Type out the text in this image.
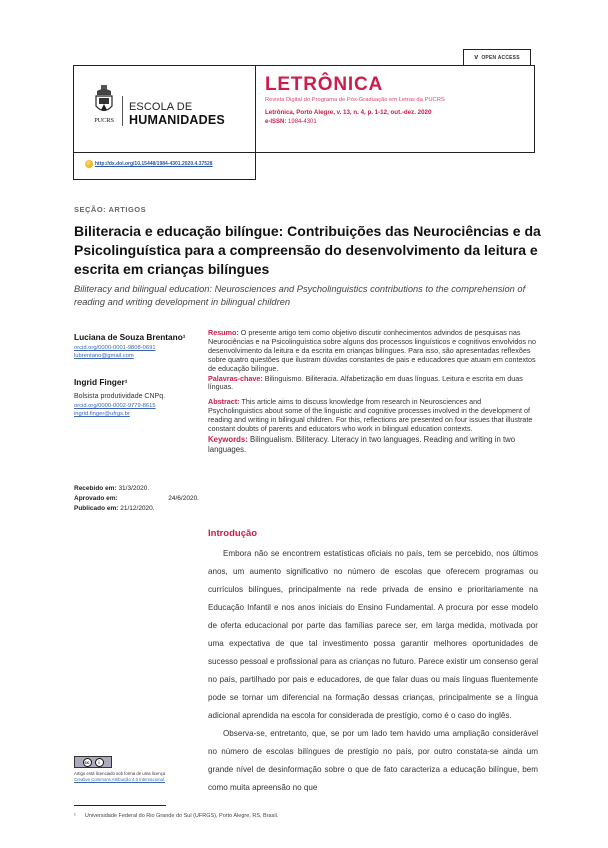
ᴠ OPEN ACCESS
PUCRS
ESCOLA DE
HUMANIDADES
LETRÔNICA
Revista Digital do Programa de Pós-Graduação em Letras da PUCRS
Letrônica, Porto Alegre, v. 13, n. 4, p. 1-12, out.-dez. 2020
e-ISSN: 1984-4301
http://dx.doi.org/10.15448/1984-4301.2020.4.37528
SEÇÃO: ARTIGOS
Biliteracia e educação bilíngue: Contribuições das Neurociências e da Psicolinguística para a compreensão do desenvolvimento da leitura e escrita em crianças bilíngues
Biliteracy and bilingual education: Neurosciences and Psycholinguistics contributions to the comprehension of reading and writing development in bilingual children
Luciana de Souza Brentano¹
orcid.org/0000-0001-9808-0691
lubrentano@gmail.com
Ingrid Finger¹
Bolsista produtividade CNPq.
orcid.org/0000-0002-9779-8615
ingrid.finger@ufrgs.br
Recebido em: 31/3/2020.
Aprovado em:	24/6/2020.
Publicado em: 21/12/2020.

Resumo: O presente artigo tem como objetivo discutir conhecimentos advindos de pesquisas nas Neurociências e na Psicolinguística sobre alguns dos processos linguísticos e cognitivos envolvidos no desenvolvimento da leitura e da escrita em crianças bilíngues. Para isso, são apresentadas reflexões sobre quatro questões que ilustram dúvidas constantes de pais e educadores que atuam em contextos de educação bilíngue.

Palavras-chave: Bilinguismo. Biliteracia. Alfabetização em duas línguas. Leitura e escrita em duas línguas.

Abstract: This article aims to discuss knowledge from research in Neurosciences and Psycholinguistics about some of the linguistic and cognitive processes involved in the development of reading and writing in bilingual children. For this, reflections are presented on four issues that illustrate constant doubts of parents and educators who work in bilingual education contexts.

Keywords: Bilingualism. Biliteracy. Literacy in two languages. Reading and writing in two languages.

Introdução

Embora não se encontrem estatísticas oficiais no país, tem se percebido, nos últimos anos, um aumento significativo no número de escolas que oferecem programas ou currículos bilíngues, principalmente na rede privada de ensino e prioritariamente na Educação Infantil e nos anos iniciais do Ensino Fundamental. A procura por esse modelo de oferta educacional por parte das famílias parece ser, em larga medida, motivada por uma expectativa de que tal investimento possa garantir melhores oportunidades de sucesso pessoal e profissional para as crianças no futuro. Parece existir um consenso geral no país, partilhado por pais e educadores, de que falar duas ou mais línguas fluentemente pode se tornar um diferencial na formação dessas crianças, principalmente se a língua adicional aprendida na escola for considerada de prestígio, como é o caso do inglês.

Observa-se, entretanto, que, se por um lado tem havido uma ampliação considerável no número de escolas bilíngues de prestígio no país, por outro constata-se ainda um grande nível de desinformação sobre o que de fato caracteriza a educação bilíngue, bem como muita apreensão no que

cc	i
Artigo está licenciado sob forma de uma licença
Creative Commons Atribuição 4.0 Internacional.
¹ Universidade Federal do Rio Grande do Sul (UFRGS), Porto Alegre, RS, Brasil.
